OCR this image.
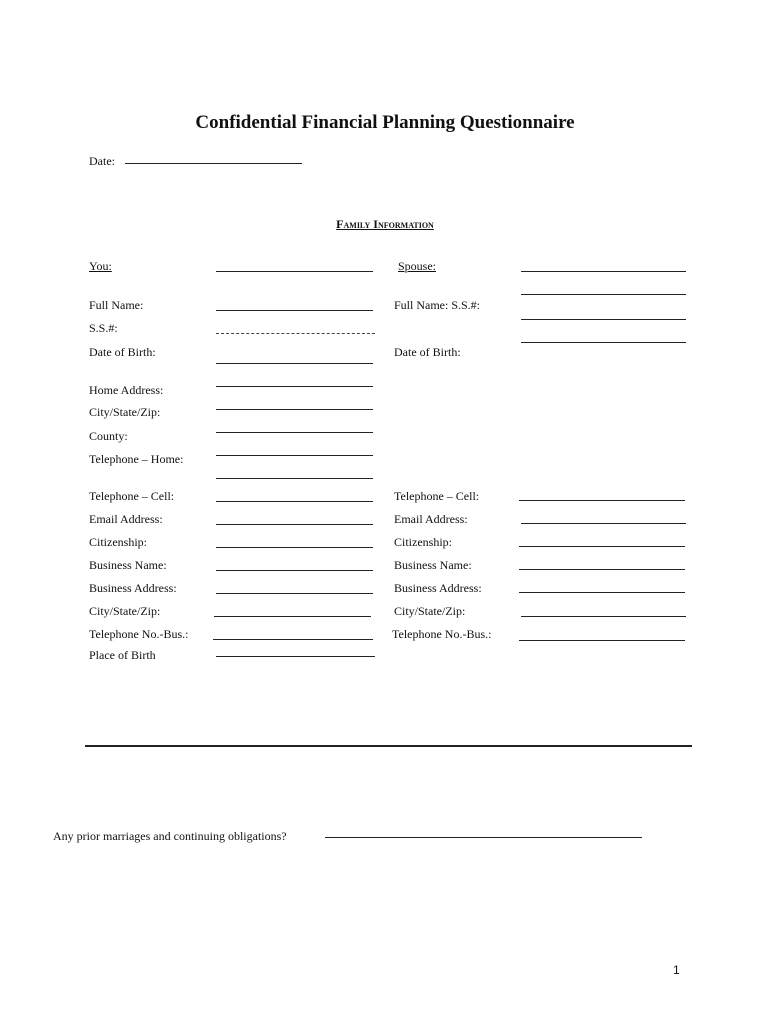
Confidential Financial Planning Questionnaire
Date:
Family Information
You:
Full Name:
S.S.#:
Date of Birth:
Home Address:
City/State/Zip:
County:
Telephone – Home:
Telephone – Cell:
Email Address:
Citizenship:
Business Name:
Business Address:
City/State/Zip:
Telephone No.-Bus.:
Place of Birth
Spouse:
Full Name: S.S.#:
Date of Birth:
Telephone – Cell:
Email Address:
Citizenship:
Business Name:
Business Address:
City/State/Zip:
Telephone No.-Bus.:
Any prior marriages and continuing obligations?
1
